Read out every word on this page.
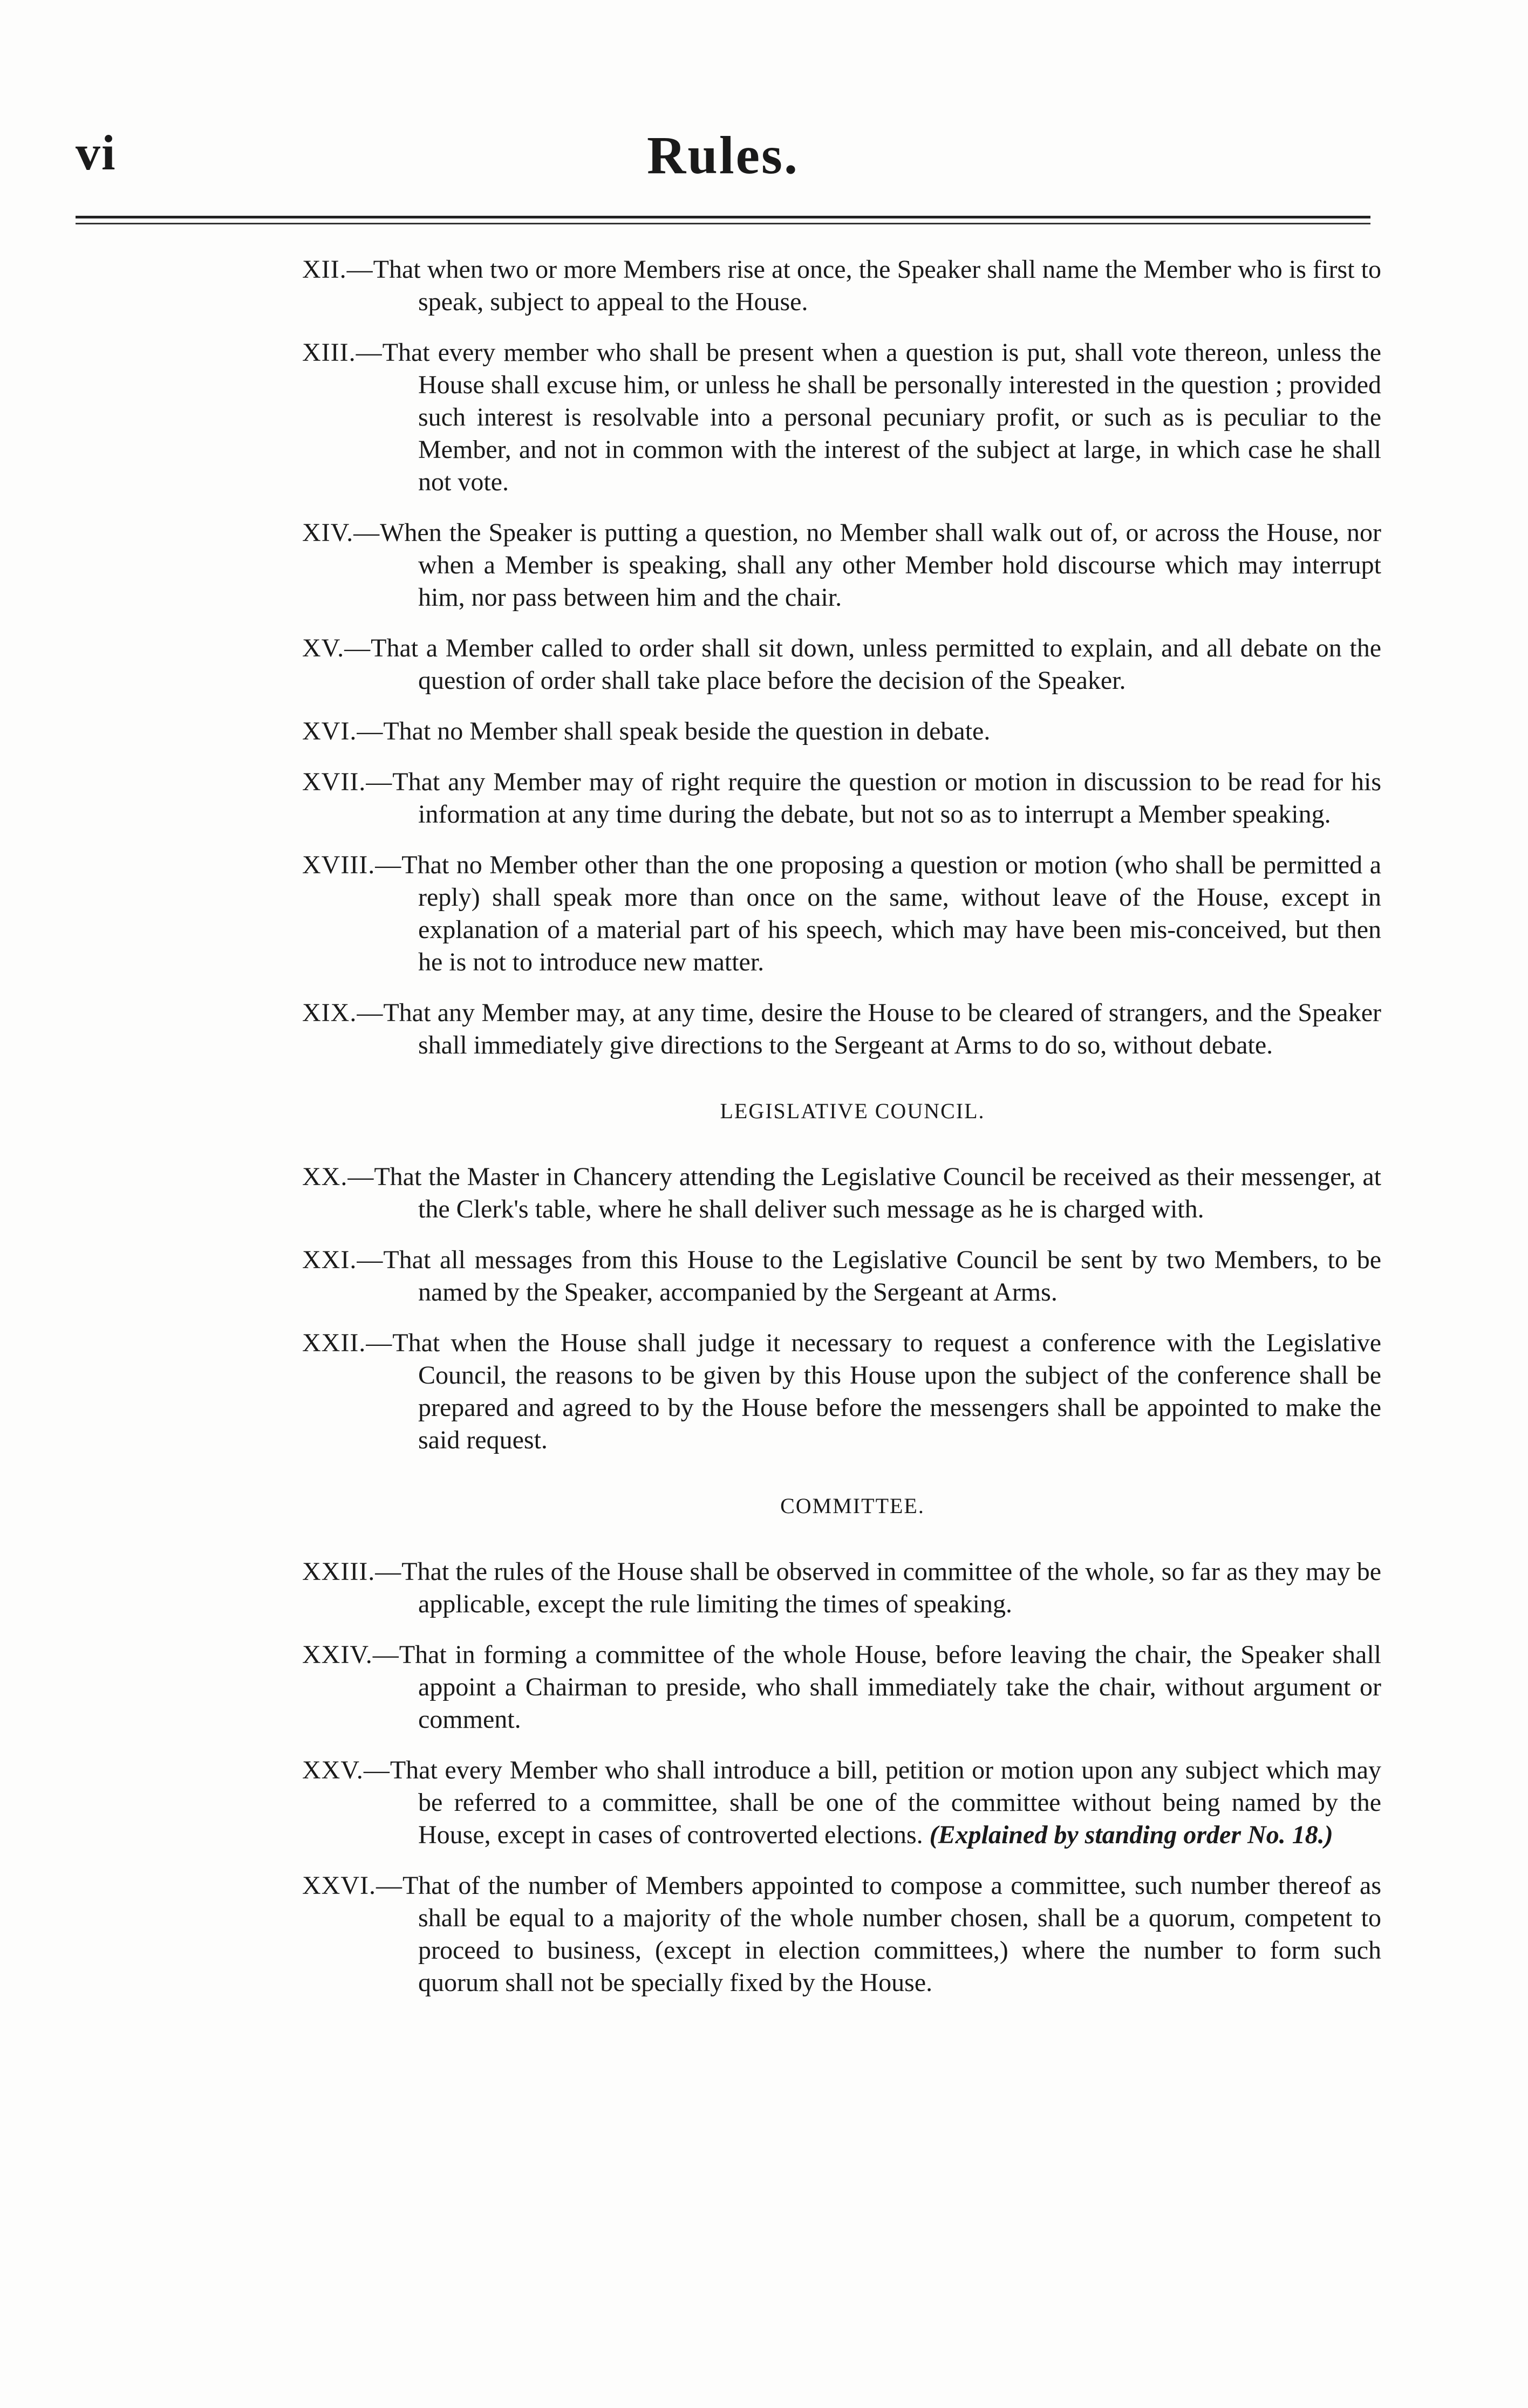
vi	Rules.

XII. — That when two or more Members rise at once, the Speaker shall name the Member who is first to speak, subject to appeal to the House.

XIII. — That every member who shall be present when a question is put, shall vote thereon, unless the House shall excuse him, or unless he shall be personally interested in the question ; provided such interest is resolvable into a personal pecuniary profit, or such as is peculiar to the Member, and not in common with the interest of the subject at large, in which case he shall not vote.

XIV. — When the Speaker is putting a question, no Member shall walk out of, or across the House, nor when a Member is speaking, shall any other Member hold discourse which may interrupt him, nor pass between him and the chair.

XV. — That a Member called to order shall sit down, unless permitted to explain, and all debate on the question of order shall take place before the decision of the Speaker.

XVI. — That no Member shall speak beside the question in debate.

XVII. — That any Member may of right require the question or motion in discussion to be read for his information at any time during the debate, but not so as to interrupt a Member speaking.

XVIII. — That no Member other than the one proposing a question or motion (who shall be permitted a reply) shall speak more than once on the same, without leave of the House, except in explanation of a material part of his speech, which may have been mis-conceived, but then he is not to introduce new matter.

XIX. — That any Member may, at any time, desire the House to be cleared of strangers, and the Speaker shall immediately give directions to the Sergeant at Arms to do so, without debate.

LEGISLATIVE COUNCIL.

XX. — That the Master in Chancery attending the Legislative Council be received as their messenger, at the Clerk's table, where he shall deliver such message as he is charged with.

XXI. — That all messages from this House to the Legislative Council be sent by two Members, to be named by the Speaker, accompanied by the Sergeant at Arms.

XXII. — That when the House shall judge it necessary to request a conference with the Legislative Council, the reasons to be given by this House upon the subject of the conference shall be prepared and agreed to by the House before the messengers shall be appointed to make the said request.

COMMITTEE.

XXIII. — That the rules of the House shall be observed in committee of the whole, so far as they may be applicable, except the rule limiting the times of speaking.

XXIV. — That in forming a committee of the whole House, before leaving the chair, the Speaker shall appoint a Chairman to preside, who shall immediately take the chair, without argument or comment.

XXV. — That every Member who shall introduce a bill, petition or motion upon any subject which may be referred to a committee, shall be one of the committee without being named by the House, except in cases of controverted elections. (Explained by standing order No. 18.)

XXVI. — That of the number of Members appointed to compose a committee, such number thereof as shall be equal to a majority of the whole number chosen, shall be a quorum, competent to proceed to business, (except in election committees,) where the number to form such quorum shall not be specially fixed by the House.
